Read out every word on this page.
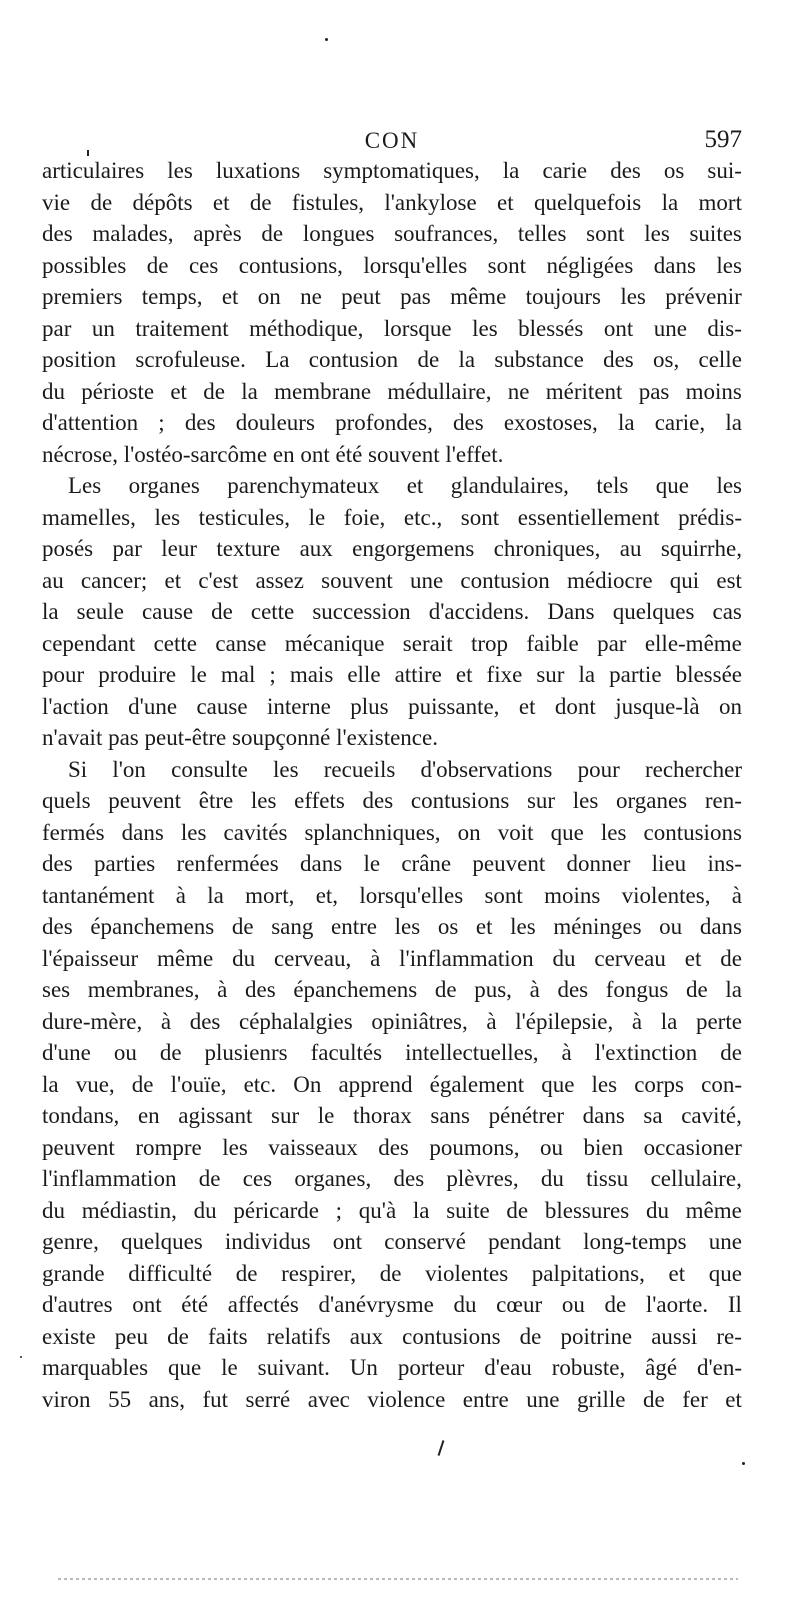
CON	597
articulaires les luxations symptomatiques, la carie des os sui-
vie de dépôts et de fistules, l'ankylose et quelquefois la mort
des malades, après de longues soufrances, telles sont les suites
possibles de ces contusions, lorsqu'elles sont négligées dans les
premiers temps, et on ne peut pas même toujours les prévenir
par un traitement méthodique, lorsque les blessés ont une dis-
position scrofuleuse. La contusion de la substance des os, celle
du périoste et de la membrane médullaire, ne méritent pas moins
d'attention ; des douleurs profondes, des exostoses, la carie, la
nécrose,
l'ostéo-sarcôme
en
ont
été
souvent
l'effet.

Les organes parenchymateux et glandulaires, tels que les
mamelles, les testicules, le foie, etc., sont essentiellement prédis-
posés par leur texture aux engorgemens chroniques, au squirrhe,
au cancer; et c'est assez souvent une contusion médiocre qui est
la seule cause de cette succession d'accidens. Dans quelques cas
cependant cette canse mécanique serait trop faible par elle-même
pour produire le mal ; mais elle attire et fixe sur la partie blessée
l'action d'une cause interne plus puissante, et dont jusque-là on
n'avait
pas
peut-être
soupçonné
l'existence.

Si l'on consulte les recueils d'observations pour rechercher
quels peuvent être les effets des contusions sur les organes ren-
fermés dans les cavités splanchniques, on voit que les contusions
des parties renfermées dans le crâne peuvent donner lieu ins-
tantanément à la mort, et, lorsqu'elles sont moins violentes, à
des épanchemens de sang entre les os et les méninges ou dans
l'épaisseur même du cerveau, à l'inflammation du cerveau et de
ses membranes, à des épanchemens de pus, à des fongus de la
dure-mère, à des céphalalgies opiniâtres, à l'épilepsie, à la perte
d'une ou de plusienrs facultés intellectuelles, à l'extinction de
la vue, de l'ouïe, etc. On apprend également que les corps con-
tondans, en agissant sur le thorax sans pénétrer dans sa cavité,
peuvent rompre les vaisseaux des poumons, ou bien occasioner
l'inflammation de ces organes, des plèvres, du tissu cellulaire,
du médiastin, du péricarde ; qu'à la suite de blessures du même
genre, quelques individus ont conservé pendant long-temps une
grande difficulté de respirer, de violentes palpitations, et que
d'autres ont été affectés d'anévrysme du cœur ou de l'aorte. Il
existe peu de faits relatifs aux contusions de poitrine aussi re-
marquables que le suivant. Un porteur d'eau robuste, âgé d'en-
viron 55 ans, fut serré avec violence entre une grille de fer et
